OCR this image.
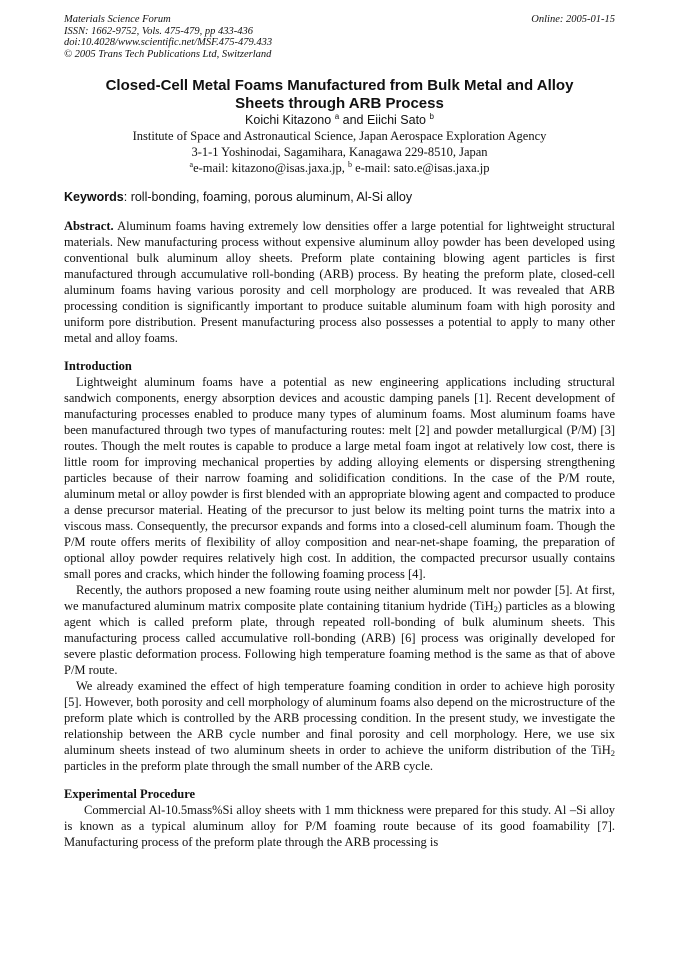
Materials Science Forum
ISSN: 1662-9752, Vols. 475-479, pp 433-436
doi:10.4028/www.scientific.net/MSF.475-479.433
© 2005 Trans Tech Publications Ltd, Switzerland
Online: 2005-01-15
Closed-Cell Metal Foams Manufactured from Bulk Metal and Alloy
Sheets through ARB Process
Koichi Kitazono $^a$ and Eiichi Sato $^b$
Institute of Space and Astronautical Science, Japan Aerospace Exploration Agency
3-1-1 Yoshinodai, Sagamihara, Kanagawa 229-8510, Japan
$^a$e-mail: kitazono@isas.jaxa.jp, $^b$ e-mail: sato.e@isas.jaxa.jp
Keywords: roll-bonding, foaming, porous aluminum, Al-Si alloy

Abstract. Aluminum foams having extremely low densities offer a large potential for lightweight structural materials. New manufacturing process without expensive aluminum alloy powder has been developed using conventional bulk aluminum alloy sheets. Preform plate containing blowing agent particles is first manufactured through accumulative roll-bonding (ARB) process. By heating the preform plate, closed-cell aluminum foams having various porosity and cell morphology are produced. It was revealed that ARB processing condition is significantly important to produce suitable aluminum foam with high porosity and uniform pore distribution. Present manufacturing process also possesses a potential to apply to many other metal and alloy foams.

Introduction

Lightweight aluminum foams have a potential as new engineering applications including structural sandwich components, energy absorption devices and acoustic damping panels [1]. Recent development of manufacturing processes enabled to produce many types of aluminum foams. Most aluminum foams have been manufactured through two types of manufacturing routes: melt [2] and powder metallurgical (P/M) [3] routes. Though the melt routes is capable to produce a large metal foam ingot at relatively low cost, there is little room for improving mechanical properties by adding alloying elements or dispersing strengthening particles because of their narrow foaming and solidification conditions. In the case of the P/M route, aluminum metal or alloy powder is first blended with an appropriate blowing agent and compacted to produce a dense precursor material. Heating of the precursor to just below its melting point turns the matrix into a viscous mass. Consequently, the precursor expands and forms into a closed-cell aluminum foam. Though the P/M route offers merits of flexibility of alloy composition and near-net-shape foaming, the preparation of optional alloy powder requires relatively high cost. In addition, the compacted precursor usually contains small pores and cracks, which hinder the following foaming process [4].

Recently, the authors proposed a new foaming route using neither aluminum melt nor powder [5]. At first, we manufactured aluminum matrix composite plate containing titanium hydride (TiH$_2$) particles as a blowing agent which is called preform plate, through repeated roll-bonding of bulk aluminum sheets. This manufacturing process called accumulative roll-bonding (ARB) [6] process was originally developed for severe plastic deformation process. Following high temperature foaming method is the same as that of above P/M route.

We already examined the effect of high temperature foaming condition in order to achieve high porosity [5]. However, both porosity and cell morphology of aluminum foams also depend on the microstructure of the preform plate which is controlled by the ARB processing condition. In the present study, we investigate the relationship between the ARB cycle number and final porosity and cell morphology. Here, we use six aluminum sheets instead of two aluminum sheets in order to achieve the uniform distribution of the TiH$_2$ particles in the preform plate through the small number of the ARB cycle.

Experimental Procedure

Commercial Al-10.5mass%Si alloy sheets with 1 mm thickness were prepared for this study. Al –Si alloy is known as a typical aluminum alloy for P/M foaming route because of its good foamability [7]. Manufacturing process of the preform plate through the ARB processing is
